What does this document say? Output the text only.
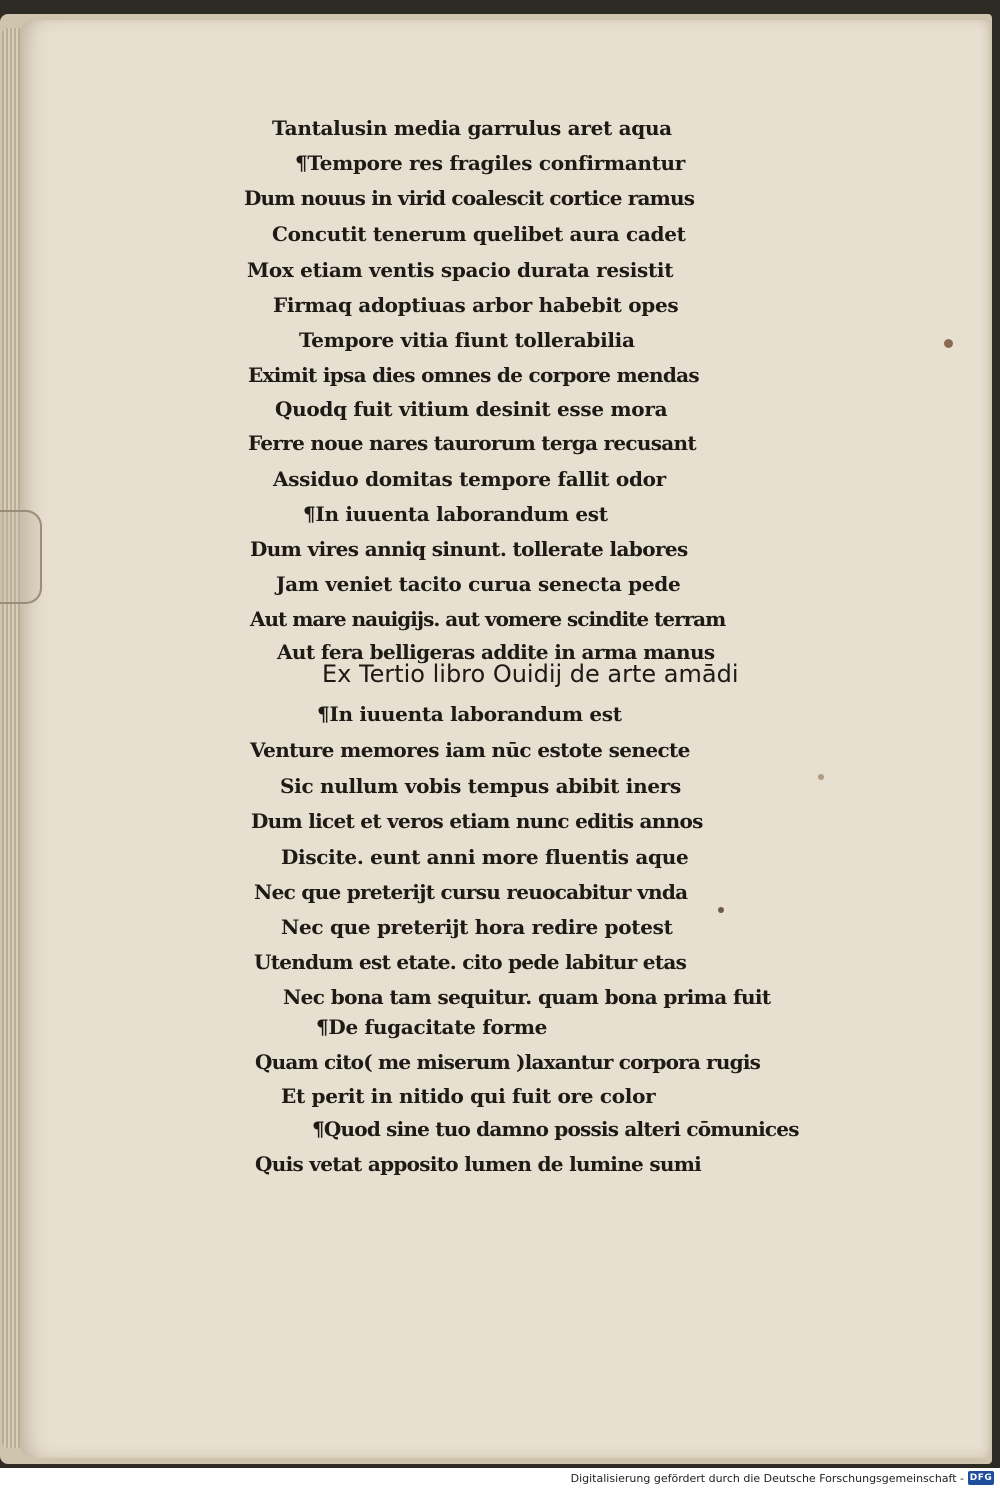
Tantalusin media garrulus aret aqua
¶Tempore res fragiles confirmantur
Dum nouus in virid coalescit cortice ramus
Concutit tenerum quelibet aura cadet
Mox etiam ventis spacio durata resistit
Firmaq adoptiuas arbor habebit opes
Tempore vitia fiunt tollerabilia
Eximit ipsa dies omnes de corpore mendas
Quodq fuit vitium desinit esse mora
Ferre noue nares taurorum terga recusant
Assiduo domitas tempore fallit odor
¶In iuuenta laborandum est
Dum vires anniq sinunt. tollerate labores
Jam veniet tacito curua senecta pede
Aut mare nauigijs. aut vomere scindite terram
Aut fera belligeras addite in arma manus
Ex Tertio libro Ouidij de arte amādi
¶In iuuenta laborandum est
Venture memores iam nūc estote senecte
Sic nullum vobis tempus abibit iners
Dum licet et veros etiam nunc editis annos
Discite. eunt anni more fluentis aque
Nec que preterijt cursu reuocabitur vnda
Nec que preterijt hora redire potest
Utendum est etate. cito pede labitur etas
Nec bona tam sequitur. quam bona prima fuit
¶De fugacitate forme
Quam cito( me miserum )laxantur corpora rugis
Et perit in nitido qui fuit ore color
¶Quod sine tuo damno possis alteri cōmunices
Quis vetat apposito lumen de lumine sumi
Digitalisierung gefördert durch die Deutsche Forschungsgemeinschaft - DFG
